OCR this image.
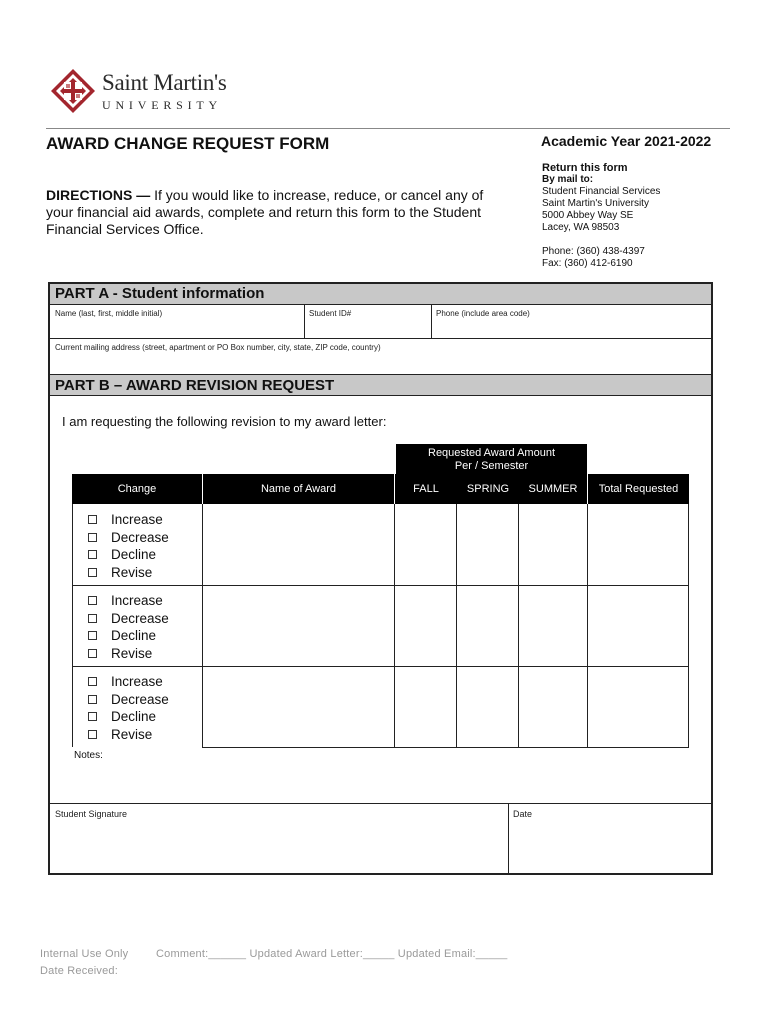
Saint Martin's
UNIVERSITY
AWARD CHANGE REQUEST FORM	Academic Year 2021-2022
Return this form
By mail to:
Student Financial Services
Saint Martin's University
5000 Abbey Way SE
Lacey, WA 98503
Phone: (360) 438-4397
Fax: (360) 412-6190
DIRECTIONS — If you would like to increase, reduce, or cancel any of your financial aid awards, complete and return this form to the Student Financial Services Office.
PART A - Student information
Name (last, first, middle initial)	Student ID#	Phone (include area code)
Current mailing address (street, apartment or PO Box number, city, state, ZIP code, country)
PART B – AWARD REVISION REQUEST
I am requesting the following revision to my award letter:
Requested Award Amount
Per / Semester
Change	Name of Award	FALL	SPRING	SUMMER	Total Requested
Increase
Decrease
Decline
Revise
Increase
Decrease
Decline
Revise
Increase
Decrease
Decline
Revise
Notes:
Student Signature	Date
Internal Use Only	Comment:______ Updated Award Letter:_____ Updated Email:_____
Date Received:
